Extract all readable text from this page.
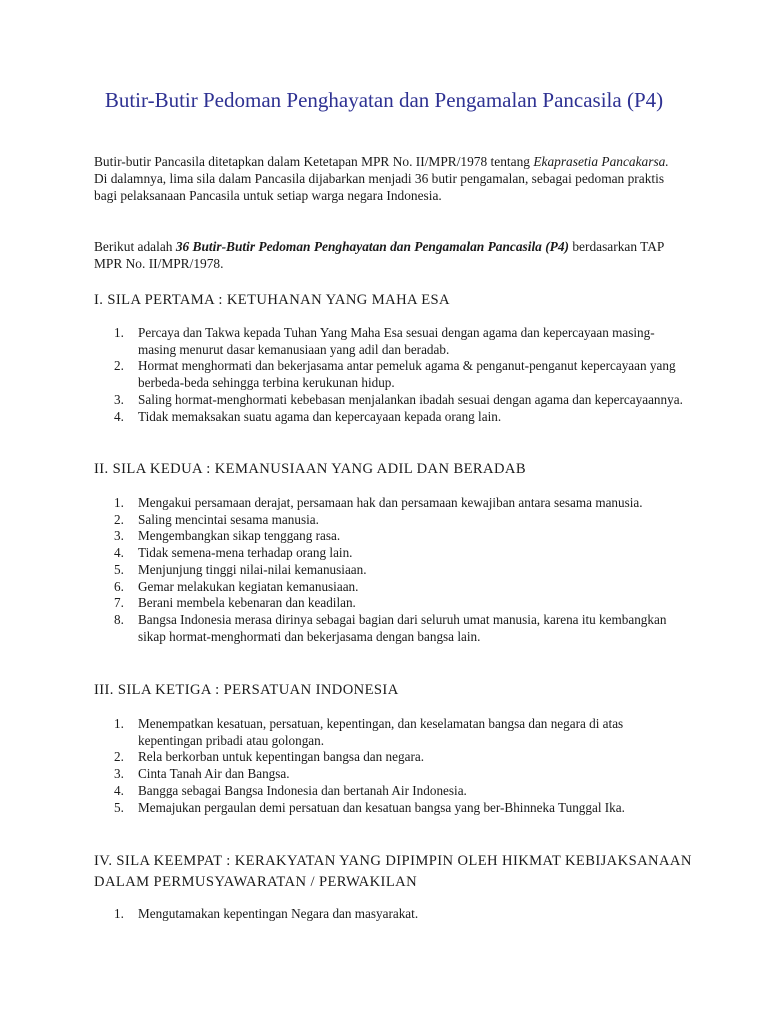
Butir-Butir Pedoman Penghayatan dan Pengamalan Pancasila (P4)

Butir-butir Pancasila ditetapkan dalam Ketetapan MPR No. II/MPR/1978 tentang Ekaprasetia Pancakarsa. Di dalamnya, lima sila dalam Pancasila dijabarkan menjadi 36 butir pengamalan, sebagai pedoman praktis bagi pelaksanaan Pancasila untuk setiap warga negara Indonesia.

Berikut adalah 36 Butir-Butir Pedoman Penghayatan dan Pengamalan Pancasila (P4) berdasarkan TAP MPR No. II/MPR/1978.

I. SILA PERTAMA : KETUHANAN YANG MAHA ESA
1. Percaya dan Takwa kepada Tuhan Yang Maha Esa sesuai dengan agama dan kepercayaan masing-masing menurut dasar kemanusiaan yang adil dan beradab.
2. Hormat menghormati dan bekerjasama antar pemeluk agama & penganut-penganut kepercayaan yang berbeda-beda sehingga terbina kerukunan hidup.
3. Saling hormat-menghormati kebebasan menjalankan ibadah sesuai dengan agama dan kepercayaannya.
4. Tidak memaksakan suatu agama dan kepercayaan kepada orang lain.
II. SILA KEDUA : KEMANUSIAAN YANG ADIL DAN BERADAB
1. Mengakui persamaan derajat, persamaan hak dan persamaan kewajiban antara sesama manusia.
2. Saling mencintai sesama manusia.
3. Mengembangkan sikap tenggang rasa.
4. Tidak semena-mena terhadap orang lain.
5. Menjunjung tinggi nilai-nilai kemanusiaan.
6. Gemar melakukan kegiatan kemanusiaan.
7. Berani membela kebenaran dan keadilan.
8. Bangsa Indonesia merasa dirinya sebagai bagian dari seluruh umat manusia, karena itu kembangkan sikap hormat-menghormati dan bekerjasama dengan bangsa lain.
III. SILA KETIGA : PERSATUAN INDONESIA
1. Menempatkan kesatuan, persatuan, kepentingan, dan keselamatan bangsa dan negara di atas kepentingan pribadi atau golongan.
2. Rela berkorban untuk kepentingan bangsa dan negara.
3. Cinta Tanah Air dan Bangsa.
4. Bangga sebagai Bangsa Indonesia dan bertanah Air Indonesia.
5. Memajukan pergaulan demi persatuan dan kesatuan bangsa yang ber-Bhinneka Tunggal Ika.
IV. SILA KEEMPAT : KERAKYATAN YANG DIPIMPIN OLEH HIKMAT KEBIJAKSANAAN DALAM PERMUSYAWARATAN / PERWAKILAN
1. Mengutamakan kepentingan Negara dan masyarakat.
